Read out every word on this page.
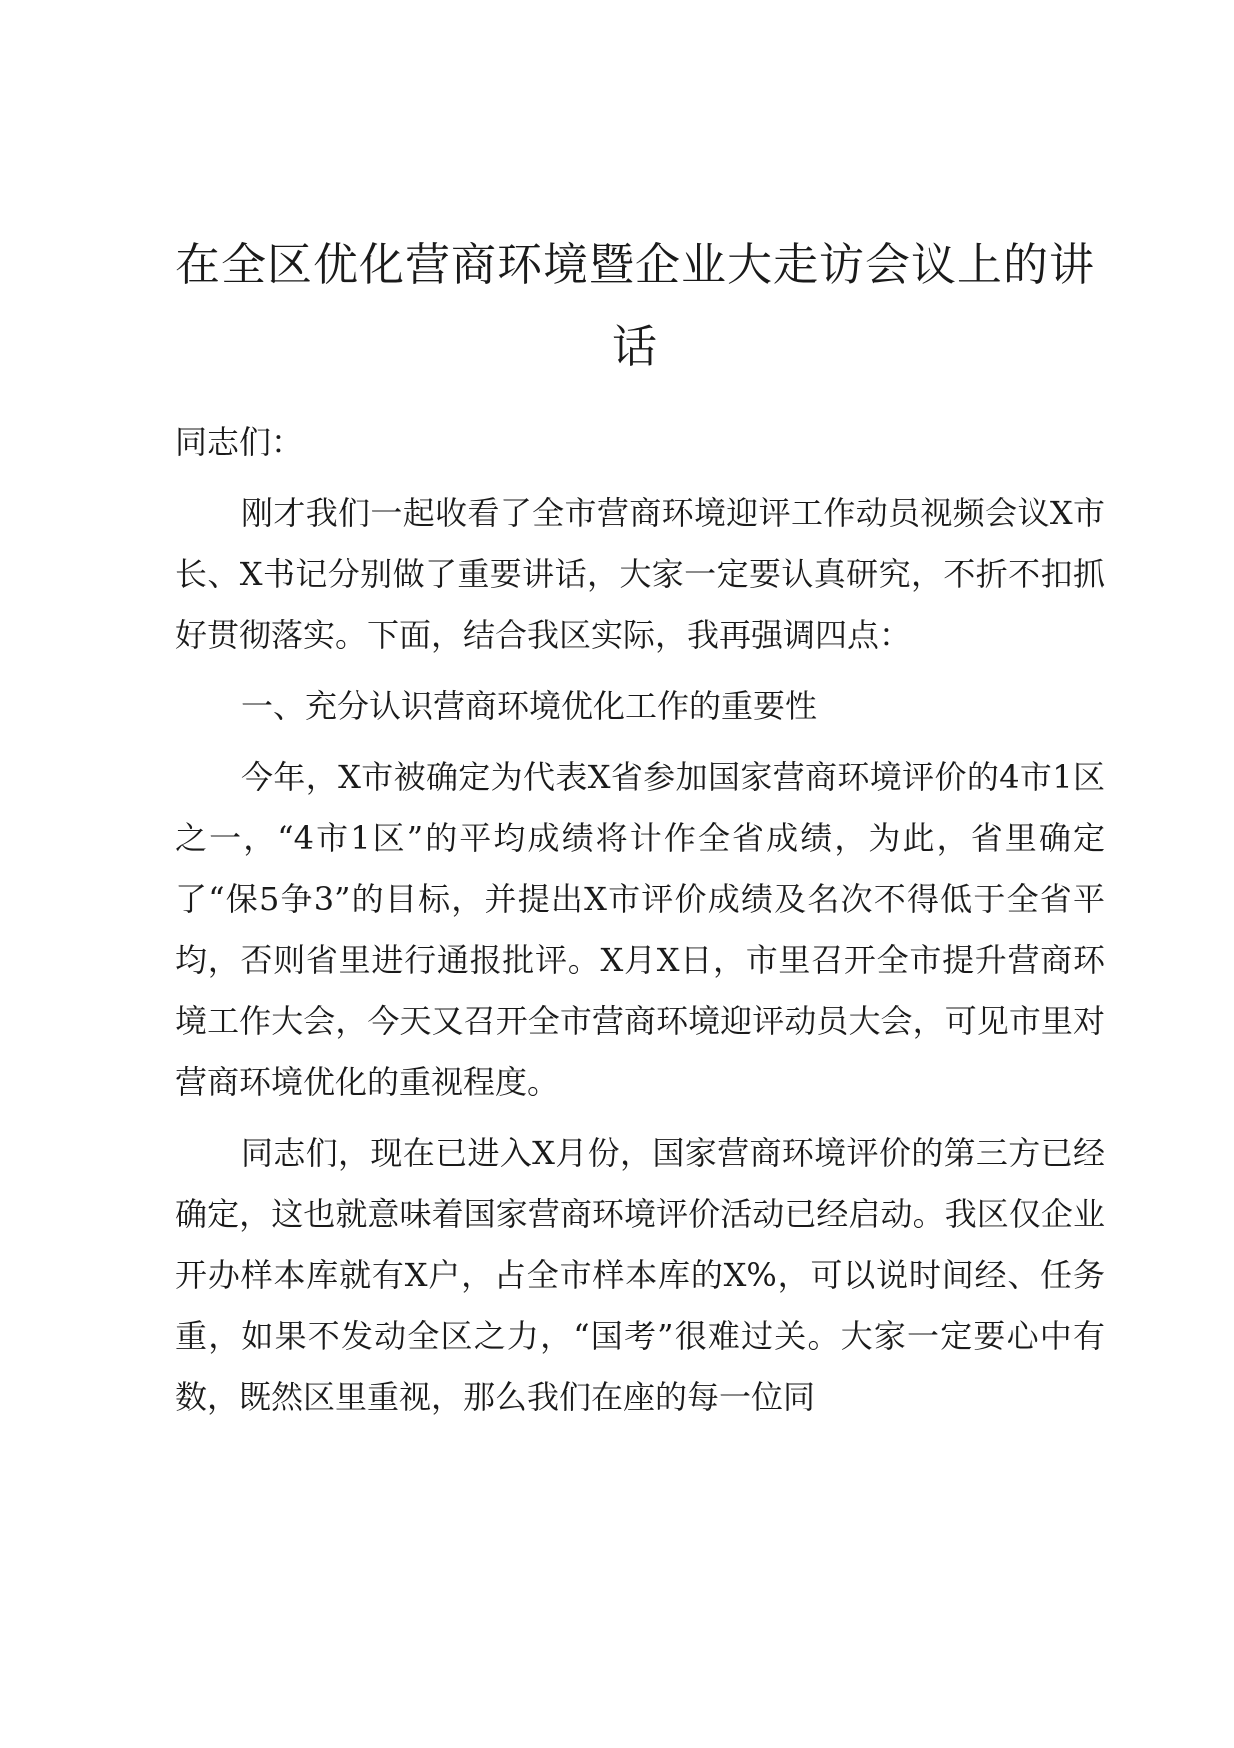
在全区优化营商环境暨企业大走访会议上的讲话

同志们：

刚才我们一起收看了全市营商环境迎评工作动员视频会议X市长、X书记分别做了重要讲话，大家一定要认真研究，不折不扣抓好贯彻落实。下面，结合我区实际，我再强调四点：

一、充分认识营商环境优化工作的重要性

今年，X市被确定为代表X省参加国家营商环境评价的4市1区之一，“4市1区”的平均成绩将计作全省成绩，为此，省里确定了“保5争3”的目标，并提出X市评价成绩及名次不得低于全省平均，否则省里进行通报批评。X月X日，市里召开全市提升营商环境工作大会，今天又召开全市营商环境迎评动员大会，可见市里对营商环境优化的重视程度。

同志们，现在已进入X月份，国家营商环境评价的第三方已经确定，这也就意味着国家营商环境评价活动已经启动。我区仅企业开办样本库就有X户，占全市样本库的X%，可以说时间经、任务重，如果不发动全区之力，“国考”很难过关。大家一定要心中有数，既然区里重视，那么我们在座的每一位同
